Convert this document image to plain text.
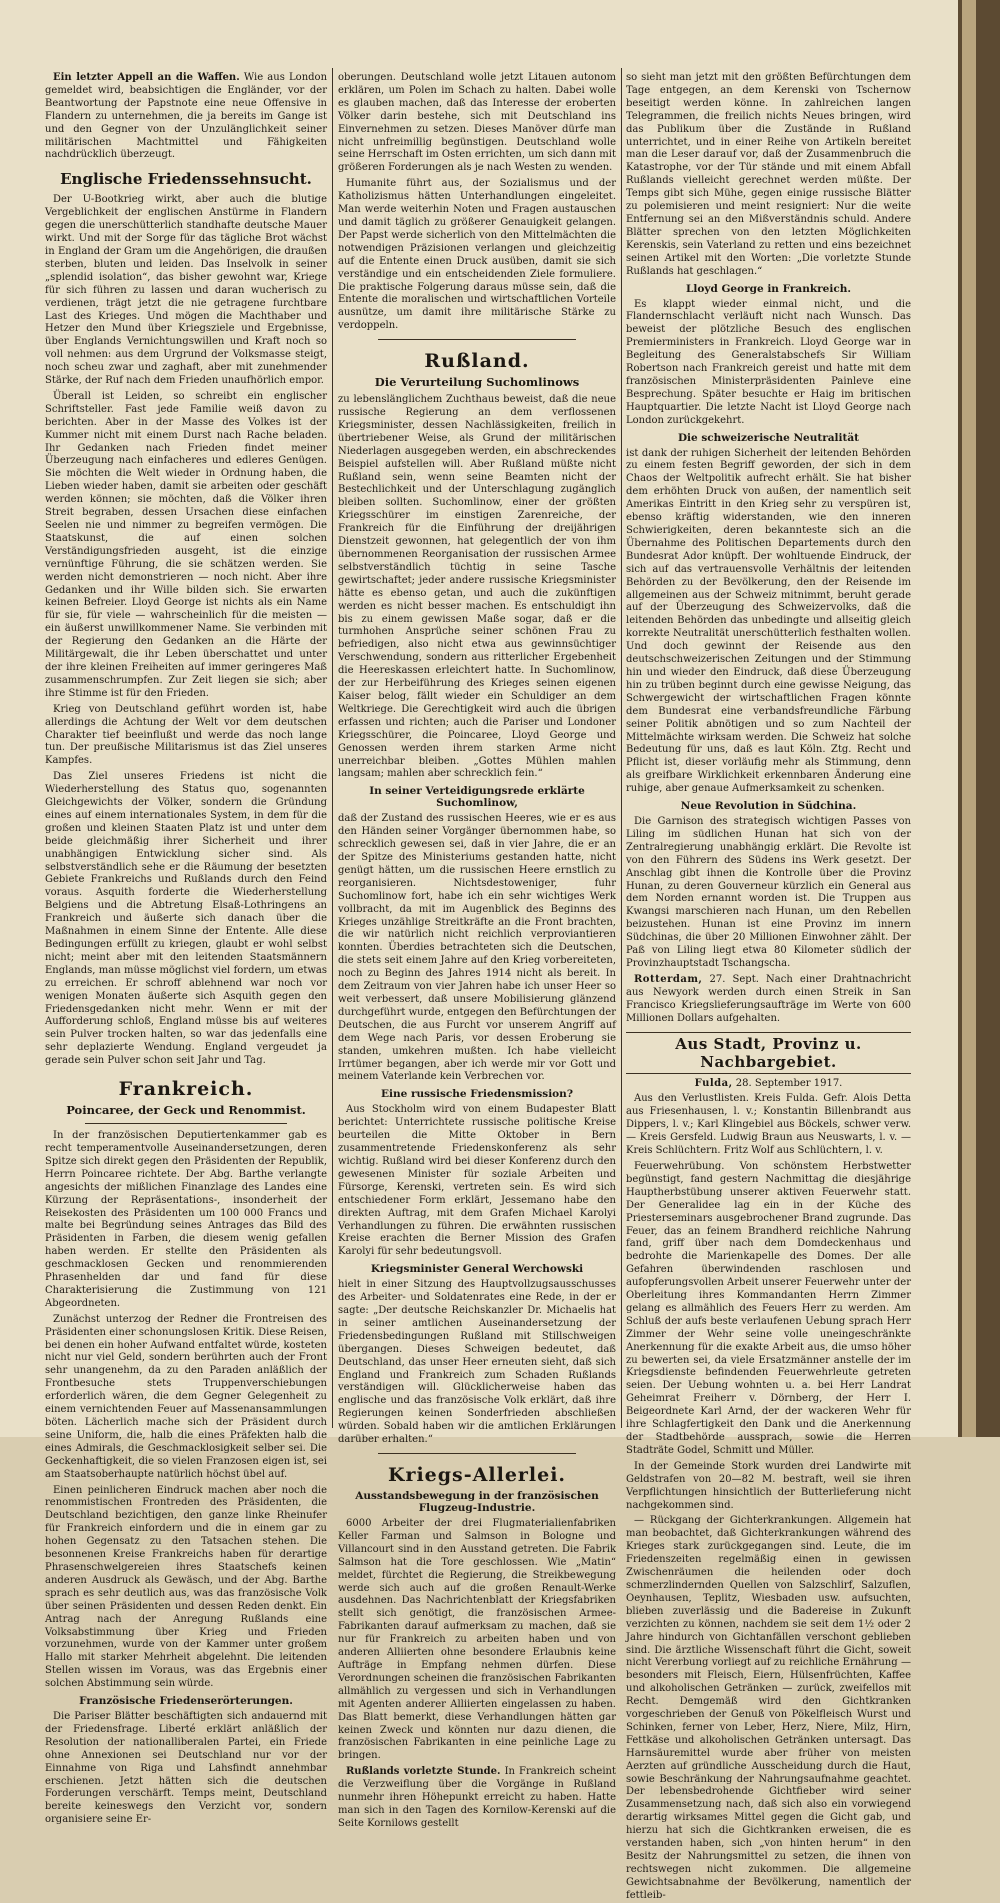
Ein letzter Appell an die Waffen. Wie aus London gemeldet wird, beabsichtigen die Engländer, vor der Beantwortung der Papstnote eine neue Offensive in Flandern zu unternehmen, die ja bereits im Gange ist und den Gegner von der Unzulänglichkeit seiner militärischen Machtmittel und Fähigkeiten nachdrücklich überzeugt.

Englische Friedenssehnsucht.

Der U-Bootkrieg wirkt, aber auch die blutige Vergeblichkeit der englischen Anstürme in Flandern gegen die unerschütterlich standhafte deutsche Mauer wirkt. Und mit der Sorge für das tägliche Brot wächst in England der Gram um die Angehörigen, die draußen sterben, bluten und leiden. Das Inselvolk in seiner „splendid isolation“, das bisher gewohnt war, Kriege für sich führen zu lassen und daran wucherisch zu verdienen, trägt jetzt die nie getragene furchtbare Last des Krieges. Und mögen die Machthaber und Hetzer den Mund über Kriegsziele und Ergebnisse, über Englands Vernichtungswillen und Kraft noch so voll nehmen: aus dem Urgrund der Volksmasse steigt, noch scheu zwar und zaghaft, aber mit zunehmender Stärke, der Ruf nach dem Frieden unaufhörlich empor.

Überall ist Leiden, so schreibt ein englischer Schriftsteller. Fast jede Familie weiß davon zu berichten. Aber in der Masse des Volkes ist der Kummer nicht mit einem Durst nach Rache beladen. Ihr Gedanken nach Frieden findet meiner Überzeugung nach einfacheres und edleres Genügen. Sie möchten die Welt wieder in Ordnung haben, die Lieben wieder haben, damit sie arbeiten oder geschäft werden können; sie möchten, daß die Völker ihren Streit begraben, dessen Ursachen diese einfachen Seelen nie und nimmer zu begreifen vermögen. Die Staatskunst, die auf einen solchen Verständigungsfrieden ausgeht, ist die einzige vernünftige Führung, die sie schätzen werden. Sie werden nicht demonstrieren — noch nicht. Aber ihre Gedanken und ihr Wille bilden sich. Sie erwarten keinen Befreier. Lloyd George ist nichts als ein Name für sie, für viele — wahrscheinlich für die meisten — ein äußerst unwillkommener Name. Sie verbinden mit der Regierung den Gedanken an die Härte der Militärgewalt, die ihr Leben überschattet und unter der ihre kleinen Freiheiten auf immer geringeres Maß zusammenschrumpfen. Zur Zeit liegen sie sich; aber ihre Stimme ist für den Frieden.

Krieg von Deutschland geführt worden ist, habe allerdings die Achtung der Welt vor dem deutschen Charakter tief beeinflußt und werde das noch lange tun. Der preußische Militarismus ist das Ziel unseres Kampfes.

Das Ziel unseres Friedens ist nicht die Wiederherstellung des Status quo, sogenannten Gleichgewichts der Völker, sondern die Gründung eines auf einem internationales System, in dem für die großen und kleinen Staaten Platz ist und unter dem beide gleichmäßig ihrer Sicherheit und ihrer unabhängigen Entwicklung sicher sind. Als selbstverständlich sehe er die Räumung der besetzten Gebiete Frankreichs und Rußlands durch den Feind voraus. Asquith forderte die Wiederherstellung Belgiens und die Abtretung Elsaß-Lothringens an Frankreich und äußerte sich danach über die Maßnahmen in einem Sinne der Entente. Alle diese Bedingungen erfüllt zu kriegen, glaubt er wohl selbst nicht; meint aber mit den leitenden Staatsmännern Englands, man müsse möglichst viel fordern, um etwas zu erreichen. Er schroff ablehnend war noch vor wenigen Monaten äußerte sich Asquith gegen den Friedensgedanken nicht mehr. Wenn er mit der Aufforderung schloß, England müsse bis auf weiteres sein Pulver trocken halten, so war das jedenfalls eine sehr deplazierte Wendung. England vergeudet ja gerade sein Pulver schon seit Jahr und Tag.

Frankreich.
Poincaree, der Geck und Renommist.

In der französischen Deputiertenkammer gab es recht temperamentvolle Auseinandersetzungen, deren Spitze sich direkt gegen den Präsidenten der Republik, Herrn Poincaree richtete. Der Abg. Barthe verlangte angesichts der mißlichen Finanzlage des Landes eine Kürzung der Repräsentations-, insonderheit der Reisekosten des Präsidenten um 100 000 Francs und malte bei Begründung seines Antrages das Bild des Präsidenten in Farben, die diesem wenig gefallen haben werden. Er stellte den Präsidenten als geschmacklosen Gecken und renommierenden Phrasenhelden dar und fand für diese Charakterisierung die Zustimmung von 121 Abgeordneten.

Zunächst unterzog der Redner die Frontreisen des Präsidenten einer schonungslosen Kritik. Diese Reisen, bei denen ein hoher Aufwand entfaltet würde, kosteten nicht nur viel Geld, sondern berührten auch der Front sehr unangenehm, da zu den Paraden anläßlich der Frontbesuche stets Truppenverschiebungen erforderlich wären, die dem Gegner Gelegenheit zu einem vernichtenden Feuer auf Massenansammlungen böten. Lächerlich mache sich der Präsident durch seine Uniform, die, halb die eines Präfekten halb die eines Admirals, die Geschmacklosigkeit selber sei. Die Geckenhaftigkeit, die so vielen Franzosen eigen ist, sei am Staatsoberhaupte natürlich höchst übel auf.

Einen peinlicheren Eindruck machen aber noch die renommistischen Frontreden des Präsidenten, die Deutschland bezichtigen, den ganze linke Rheinufer für Frankreich einfordern und die in einem gar zu hohen Gegensatz zu den Tatsachen stehen. Die besonnenen Kreise Frankreichs haben für derartige Phrasenschwelgereien ihres Staatschefs keinen anderen Ausdruck als Gewäsch, und der Abg. Barthe sprach es sehr deutlich aus, was das französische Volk über seinen Präsidenten und dessen Reden denkt. Ein Antrag nach der Anregung Rußlands eine Volksabstimmung über Krieg und Frieden vorzunehmen, wurde von der Kammer unter großem Hallo mit starker Mehrheit abgelehnt. Die leitenden Stellen wissen im Voraus, was das Ergebnis einer solchen Abstimmung sein würde.

Französische Friedenserörterungen.

Die Pariser Blätter beschäftigten sich andauernd mit der Friedensfrage. Liberté erklärt anläßlich der Resolution der nationalliberalen Partei, ein Friede ohne Annexionen sei Deutschland nur vor der Einnahme von Riga und Lahsfindt annehmbar erschienen. Jetzt hätten sich die deutschen Forderungen verschärft. Temps meint, Deutschland bereite keineswegs den Verzicht vor, sondern organisiere seine Er-

oberungen. Deutschland wolle jetzt Litauen autonom erklären, um Polen im Schach zu halten. Dabei wolle es glauben machen, daß das Interesse der eroberten Völker darin bestehe, sich mit Deutschland ins Einvernehmen zu setzen. Dieses Manöver dürfe man nicht unfreimillig begünstigen. Deutschland wolle seine Herrschaft im Osten errichten, um sich dann mit größeren Forderungen als je nach Westen zu wenden.

Humanite führt aus, der Sozialismus und der Katholizismus hätten Unterhandlungen eingeleitet. Man werde weiterhin Noten und Fragen austauschen und damit täglich zu größerer Genauigkeit gelangen. Der Papst werde sicherlich von den Mittelmächten die notwendigen Präzisionen verlangen und gleichzeitig auf die Entente einen Druck ausüben, damit sie sich verständige und ein entscheidenden Ziele formuliere. Die praktische Folgerung daraus müsse sein, daß die Entente die moralischen und wirtschaftlichen Vorteile ausnütze, um damit ihre militärische Stärke zu verdoppeln.

Rußland.
Die Verurteilung Suchomlinows

zu lebenslänglichem Zuchthaus beweist, daß die neue russische Regierung an dem verflossenen Kriegsminister, dessen Nachlässigkeiten, freilich in übertriebener Weise, als Grund der militärischen Niederlagen ausgegeben werden, ein abschreckendes Beispiel aufstellen will. Aber Rußland müßte nicht Rußland sein, wenn seine Beamten nicht der Bestechlichkeit und der Unterschlagung zugänglich bleiben sollten. Suchomlinow, einer der größten Kriegsschürer im einstigen Zarenreiche, der Frankreich für die Einführung der dreijährigen Dienstzeit gewonnen, hat gelegentlich der von ihm übernommenen Reorganisation der russischen Armee selbstverständlich tüchtig in seine Tasche gewirtschaftet; jeder andere russische Kriegsminister hätte es ebenso getan, und auch die zukünftigen werden es nicht besser machen. Es entschuldigt ihn bis zu einem gewissen Maße sogar, daß er die turmhohen Ansprüche seiner schönen Frau zu befriedigen, also nicht etwa aus gewinnsüchtiger Verschwendung, sondern aus ritterlicher Ergebenheit die Heereskassen erleichtert hatte. In Suchomlinow, der zur Herbeiführung des Krieges seinen eigenen Kaiser belog, fällt wieder ein Schuldiger an dem Weltkriege. Die Gerechtigkeit wird auch die übrigen erfassen und richten; auch die Pariser und Londoner Kriegsschürer, die Poincaree, Lloyd George und Genossen werden ihrem starken Arme nicht unerreichbar bleiben. „Gottes Mühlen mahlen langsam; mahlen aber schrecklich fein.“

In seiner Verteidigungsrede erklärte Suchomlinow,

daß der Zustand des russischen Heeres, wie er es aus den Händen seiner Vorgänger übernommen habe, so schrecklich gewesen sei, daß in vier Jahre, die er an der Spitze des Ministeriums gestanden hatte, nicht genügt hätten, um die russischen Heere ernstlich zu reorganisieren. Nichtsdestoweniger, fuhr Suchomlinow fort, habe ich ein sehr wichtiges Werk vollbracht, da mit im Augenblick des Beginns des Krieges unzählige Streitkräfte an die Front brachten, die wir natürlich nicht reichlich verproviantieren konnten. Überdies betrachteten sich die Deutschen, die stets seit einem Jahre auf den Krieg vorbereiteten, noch zu Beginn des Jahres 1914 nicht als bereit. In dem Zeitraum von vier Jahren habe ich unser Heer so weit verbessert, daß unsere Mobilisierung glänzend durchgeführt wurde, entgegen den Befürchtungen der Deutschen, die aus Furcht vor unserem Angriff auf dem Wege nach Paris, vor dessen Eroberung sie standen, umkehren mußten. Ich habe vielleicht Irrtümer begangen, aber ich werde mir vor Gott und meinem Vaterlande kein Verbrechen vor.

Eine russische Friedensmission?

Aus Stockholm wird von einem Budapester Blatt berichtet: Unterrichtete russische politische Kreise beurteilen die Mitte Oktober in Bern zusammentretende Friedenskonferenz als sehr wichtig. Rußland wird bei dieser Konferenz durch den gewesenen Minister für soziale Arbeiten und Fürsorge, Kerenski, vertreten sein. Es wird sich entschiedener Form erklärt, Jessemano habe den direkten Auftrag, mit dem Grafen Michael Karolyi Verhandlungen zu führen. Die erwähnten russischen Kreise erachten die Berner Mission des Grafen Karolyi für sehr bedeutungsvoll.

Kriegsminister General Werchowski

hielt in einer Sitzung des Hauptvollzugsausschusses des Arbeiter- und Soldatenrates eine Rede, in der er sagte: „Der deutsche Reichskanzler Dr. Michaelis hat in seiner amtlichen Auseinandersetzung der Friedensbedingungen Rußland mit Stillschweigen übergangen. Dieses Schweigen bedeutet, daß Deutschland, das unser Heer erneuten sieht, daß sich England und Frankreich zum Schaden Rußlands verständigen will. Glücklicherweise haben das englische und das französische Volk erklärt, daß ihre Regierungen keinen Sonderfrieden abschließen würden. Sobald haben wir die amtlichen Erklärungen darüber erhalten.“

Kriegs-Allerlei.
Ausstandsbewegung in der französischen Flugzeug-Industrie.

6000 Arbeiter der drei Flugmaterialienfabriken Keller Farman und Salmson in Bologne und Villancourt sind in den Ausstand getreten. Die Fabrik Salmson hat die Tore geschlossen. Wie „Matin“ meldet, fürchtet die Regierung, die Streikbewegung werde sich auch auf die großen Renault-Werke ausdehnen. Das Nachrichtenblatt der Kriegsfabriken stellt sich genötigt, die französischen Armee-Fabrikanten darauf aufmerksam zu machen, daß sie nur für Frankreich zu arbeiten haben und von anderen Alliierten ohne besondere Erlaubnis keine Aufträge in Empfang nehmen dürfen. Diese Verordnungen scheinen die französischen Fabrikanten allmählich zu vergessen und sich in Verhandlungen mit Agenten anderer Alliierten eingelassen zu haben. Das Blatt bemerkt, diese Verhandlungen hätten gar keinen Zweck und könnten nur dazu dienen, die französischen Fabrikanten in eine peinliche Lage zu bringen.

Rußlands vorletzte Stunde. In Frankreich scheint die Verzweiflung über die Vorgänge in Rußland nunmehr ihren Höhepunkt erreicht zu haben. Hatte man sich in den Tagen des Kornilow-Kerenski auf die Seite Kornilows gestellt

so sieht man jetzt mit den größten Befürchtungen dem Tage entgegen, an dem Kerenski von Tschernow beseitigt werden könne. In zahlreichen langen Telegrammen, die freilich nichts Neues bringen, wird das Publikum über die Zustände in Rußland unterrichtet, und in einer Reihe von Artikeln bereitet man die Leser darauf vor, daß der Zusammenbruch die Katastrophe, vor der Tür stände und mit einem Abfall Rußlands vielleicht gerechnet werden müßte. Der Temps gibt sich Mühe, gegen einige russische Blätter zu polemisieren und meint resigniert: Nur die weite Entfernung sei an den Mißverständnis schuld. Andere Blätter sprechen von den letzten Möglichkeiten Kerenskis, sein Vaterland zu retten und eins bezeichnet seinen Artikel mit den Worten: „Die vorletzte Stunde Rußlands hat geschlagen.“

Lloyd George in Frankreich.

Es klappt wieder einmal nicht, und die Flandernschlacht verläuft nicht nach Wunsch. Das beweist der plötzliche Besuch des englischen Premierministers in Frankreich. Lloyd George war in Begleitung des Generalstabschefs Sir William Robertson nach Frankreich gereist und hatte mit dem französischen Ministerpräsidenten Painleve eine Besprechung. Später besuchte er Haig im britischen Hauptquartier. Die letzte Nacht ist Lloyd George nach London zurückgekehrt.

Die schweizerische Neutralität

ist dank der ruhigen Sicherheit der leitenden Behörden zu einem festen Begriff geworden, der sich in dem Chaos der Weltpolitik aufrecht erhält. Sie hat bisher dem erhöhten Druck von außen, der namentlich seit Amerikas Eintritt in den Krieg sehr zu verspüren ist, ebenso kräftig widerstanden, wie den inneren Schwierigkeiten, deren bekannteste sich an die Übernahme des Politischen Departements durch den Bundesrat Ador knüpft. Der wohltuende Eindruck, der sich auf das vertrauensvolle Verhältnis der leitenden Behörden zu der Bevölkerung, den der Reisende im allgemeinen aus der Schweiz mitnimmt, beruht gerade auf der Überzeugung des Schweizervolks, daß die leitenden Behörden das unbedingte und allseitig gleich korrekte Neutralität unerschütterlich festhalten wollen. Und doch gewinnt der Reisende aus den deutschschweizerischen Zeitungen und der Stimmung hin und wieder den Eindruck, daß diese Überzeugung hin zu trüben beginnt durch eine gewisse Neigung, das Schwergewicht der wirtschaftlichen Fragen könnte dem Bundesrat eine verbandsfreundliche Färbung seiner Politik abnötigen und so zum Nachteil der Mittelmächte wirksam werden. Die Schweiz hat solche Bedeutung für uns, daß es laut Köln. Ztg. Recht und Pflicht ist, dieser vorläufig mehr als Stimmung, denn als greifbare Wirklichkeit erkennbaren Änderung eine ruhige, aber genaue Aufmerksamkeit zu schenken.

Neue Revolution in Südchina.

Die Garnison des strategisch wichtigen Passes von Liling im südlichen Hunan hat sich von der Zentralregierung unabhängig erklärt. Die Revolte ist von den Führern des Südens ins Werk gesetzt. Der Anschlag gibt ihnen die Kontrolle über die Provinz Hunan, zu deren Gouverneur kürzlich ein General aus dem Norden ernannt worden ist. Die Truppen aus Kwangsi marschieren nach Hunan, um den Rebellen beizustehen. Hunan ist eine Provinz im innern Südchinas, die über 20 Millionen Einwohner zählt. Der Paß von Liling liegt etwa 80 Kilometer südlich der Provinzhauptstadt Tschangscha.

Rotterdam, 27. Sept. Nach einer Drahtnachricht aus Newyork werden durch einen Streik in San Francisco Kriegslieferungsaufträge im Werte von 600 Millionen Dollars aufgehalten.

Aus Stadt, Provinz u. Nachbargebiet.

Fulda, 28. September 1917.

Aus den Verlustlisten. Kreis Fulda. Gefr. Alois Detta aus Friesenhausen, l. v.; Konstantin Billenbrandt aus Dippers, l. v.; Karl Klingebiel aus Böckels, schwer verw. — Kreis Gersfeld. Ludwig Braun aus Neuswarts, l. v. — Kreis Schlüchtern. Fritz Wolf aus Schlüchtern, l. v.

Feuerwehrübung. Von schönstem Herbstwetter begünstigt, fand gestern Nachmittag die diesjährige Hauptherbstübung unserer aktiven Feuerwehr statt. Der Generalidee lag ein in der Küche des Priesterseminars ausgebrochener Brand zugrunde. Das Feuer, das an feinem Brandherd reichliche Nahrung fand, griff über nach dem Domdeckenhaus und bedrohte die Marienkapelle des Domes. Der alle Gefahren überwindenden raschlosen und aufopferungsvollen Arbeit unserer Feuerwehr unter der Oberleitung ihres Kommandanten Herrn Zimmer gelang es allmählich des Feuers Herr zu werden. Am Schluß der aufs beste verlaufenen Uebung sprach Herr Zimmer der Wehr seine volle uneingeschränkte Anerkennung für die exakte Arbeit aus, die umso höher zu bewerten sei, da viele Ersatzmänner anstelle der im Kriegsdienste befindenden Feuerwehrleute getreten seien. Der Uebung wohnten u. a. bei Herr Landrat Geheimrat Freiherr v. Dörnberg, der Herr I. Beigeordnete Karl Arnd, der der wackeren Wehr für ihre Schlagfertigkeit den Dank und die Anerkennung der Stadtbehörde aussprach, sowie die Herren Stadträte Godel, Schmitt und Müller.

In der Gemeinde Stork wurden drei Landwirte mit Geldstrafen von 20—82 M. bestraft, weil sie ihren Verpflichtungen hinsichtlich der Butterlieferung nicht nachgekommen sind.

— Rückgang der Gichterkrankungen. Allgemein hat man beobachtet, daß Gichterkrankungen während des Krieges stark zurückgegangen sind. Leute, die im Friedenszeiten regelmäßig einen in gewissen Zwischenräumen die heilenden oder doch schmerzlindernden Quellen von Salzschlirf, Salzuflen, Oeynhausen, Teplitz, Wiesbaden usw. aufsuchten, blieben zuverlässig und die Badereise in Zukunft verzichten zu können, nachdem sie seit dem 1½ oder 2 Jahre hindurch von Gichtanfällen verschont geblieben sind. Die ärztliche Wissenschaft führt die Gicht, soweit nicht Vererbung vorliegt auf zu reichliche Ernährung — besonders mit Fleisch, Eiern, Hülsenfrüchten, Kaffee und alkoholischen Getränken — zurück, zweifellos mit Recht. Demgemäß wird den Gichtkranken vorgeschrieben der Genuß von Pökelfleisch Wurst und Schinken, ferner von Leber, Herz, Niere, Milz, Hirn, Fettkäse und alkoholischen Getränken untersagt. Das Harnsäuremittel wurde aber früher von meisten Aerzten auf gründliche Ausscheidung durch die Haut, sowie Beschränkung der Nahrungsaufnahme geachtet. Der lebensbedrohende Gichtfieber wird seiner Zusammensetzung nach, daß sich also ein vorwiegend derartig wirksames Mittel gegen die Gicht gab, und hierzu hat sich die Gichtkranken erweisen, die es verstanden haben, sich „von hinten herum“ in den Besitz der Nahrungsmittel zu setzen, die ihnen von rechtswegen nicht zukommen. Die allgemeine Gewichtsabnahme der Bevölkerung, namentlich der fettleib-
